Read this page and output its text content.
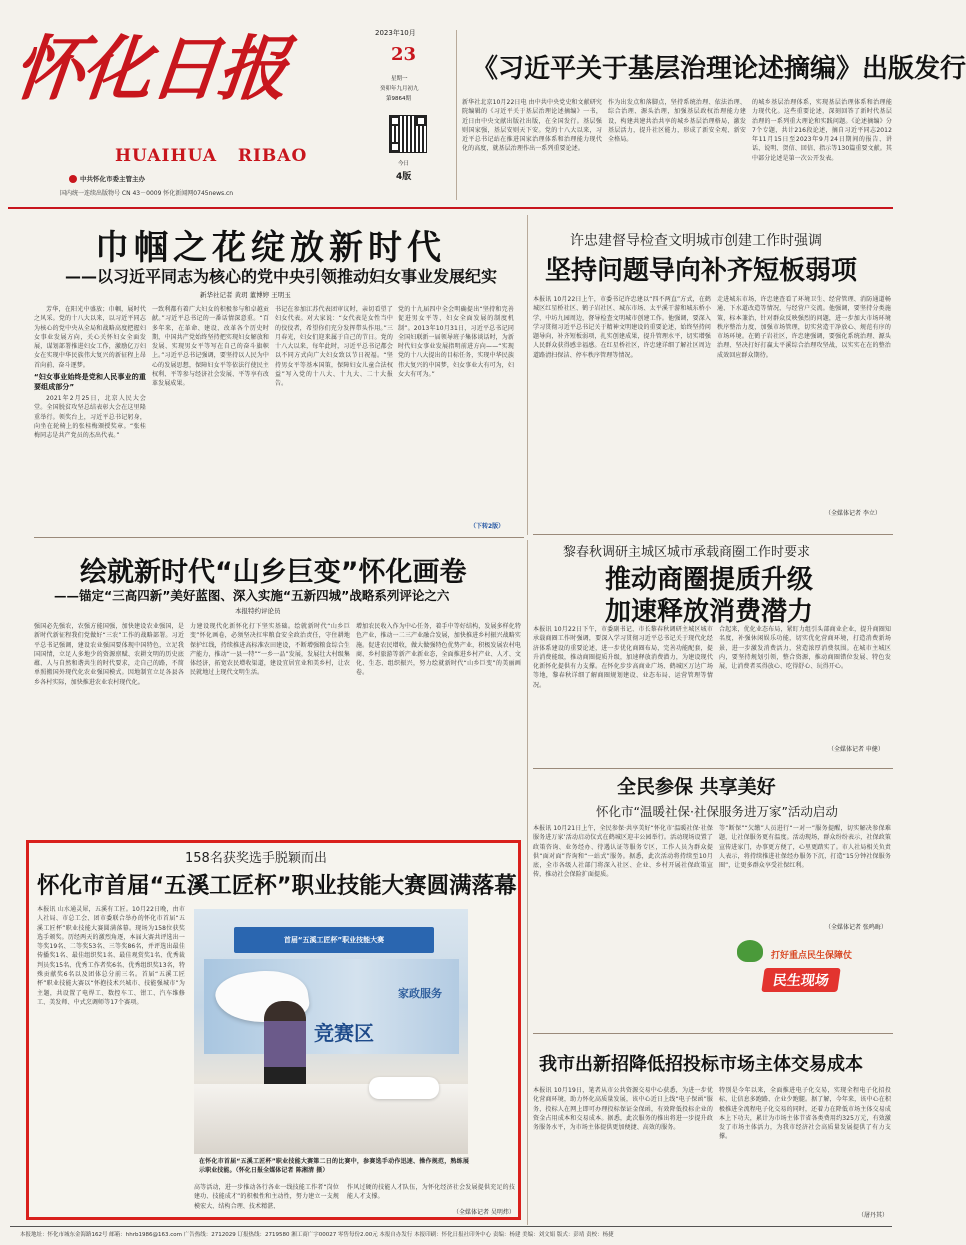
怀化日报
HUAIHUA   RIBAO
中共怀化市委主管主办
国内统一连续出版物号 CN 43－0009 怀化新闻网0745news.cn
2023年10月
23
星期一
癸卯年九月初九
第9864期
今日
4版
《习近平关于基层治理论述摘编》出版发行
新华社北京10月22日电 由中共中央党史和文献研究院编辑的《习近平关于基层治理论述摘编》一书，近日由中央文献出版社出版，在全国发行。基层强则国家强，基层安则天下安。党的十八大以来，习近平总书记站在推进国家治理体系和治理能力现代化的高度，就基层治理作出一系列重要论述。
作为出发点和落脚点，坚持系统治理、依法治理、综合治理、源头治理，加强基层政权治理能力建设，构建共建共治共享的城乡基层治理格局，激发基层活力，提升社区能力，形成了新安全观、新安全格局。
的城乡基层治理体系，实现基层治理体系和治理能力现代化。这些重要论述，深刻回答了新时代基层治理的一系列重大理论和实践问题。《论述摘编》分7个专题，共计216段论述，摘自习近平同志2012年11月15日至2023年9月24日期间的报告、讲话、说明、贺信、回信、指示等130篇重要文献。其中部分论述是第一次公开发表。
巾帼之花绽放新时代
——以习近平同志为核心的党中央引领推动妇女事业发展纪实
新华社记者 黄玥 董博婷 王明玉

芳华，在阳光中盛放；巾帼，展时代之风采。党的十八大以来，以习近平同志为核心的党中央从全局和战略高度把握妇女事业发展方向，关心关怀妇女全面发展，谋划部署推进妇女工作，激励亿万妇女在实现中华民族伟大复兴的新征程上昂首向前、奋斗逐梦。

“妇女事业始终是党和人民事业的重要组成部分”

2021年2月25日，北京人民大会堂。全国脱贫攻坚总结表彰大会在这里隆重举行。领奖台上，习近平总书记躬身，向坐在轮椅上的张桂梅颁授奖章。“张桂梅同志是共产党员的杰出代表。”

一致利都有着广大妇女的积极参与和卓越贡献。”习近平总书记的一番话情深意重。“百多年来，在革命、建设、改革各个历史时期，中国共产党始终坚持把实现妇女解放和发展、实现男女平等写在自己的奋斗旗帜上。”习近平总书记强调，要坚持以人民为中心的发展思想，保障妇女平等依法行使民主权利、平等参与经济社会发展、平等享有改革发展成果。
书记在参加江苏代表团审议时，亲切看望了妇女代表。对大家说：“女代表是女性当中的佼佼者，希望你们充分发挥带头作用。”三月春光，妇女们迎来属于自己的节日。党的十八大以来，每年此时，习近平总书记都会以不同方式向广大妇女致以节日祝福。“坚持男女平等基本国策，保障妇女儿童合法权益”写入党的十八大、十九大、二十大报告。
党的十九届四中全会明确提出“坚持和完善促进男女平等、妇女全面发展的制度机制”。2013年10月31日，习近平总书记同全国妇联新一届领导班子集体谈话时，为新时代妇女事业发展指明前进方向——“实现党的十八大提出的目标任务，实现中华民族伟大复兴的中国梦，妇女事业大有可为，妇女大有可为。”
（下转2版）
许忠建督导检查文明城市创建工作时强调
坚持问题导向补齐短板弱项
本报讯 10月22日上午，市委书记许忠建以“四不两直”方式，在鹤城区红星桥社区、鹤子岩社区、城东市场、太平溪干游和城东桥小学、中坊九园周边，督导检查文明城市创建工作。他强调，要深入学习贯彻习近平总书记关于精神文明建设的重要论述，始终坚持问题导向，补齐短板弱项，扎实创建成果，提升管理水平，切实增强人民群众获得感幸福感。在红星桥社区，许忠建详细了解社区周边道路清扫保洁、停车秩序管理等情况。
走进城东市场，许忠建查看了环境卫生、经营管理、消防通道畅通、下水道改造等情况，与经营户交流。他强调，要坚持分类施策，标本兼治，针对群众反映强烈的问题，进一步加大市场环境秩序整治力度，加强市场管理，切实营造干净放心、规范有序的市场环境。在鹤子岩社区，许忠建强调，要强化系统治理、源头治理、坚决打好打赢太平溪综合治理攻坚战，以实实在在的整治成效回应群众期待。
（全媒体记者 李立）
绘就新时代“山乡巨变”怀化画卷
——锚定“三高四新”美好蓝图、深入实施“五新四城”战略系列评论之六
本报特约评论员
强国必先强农，农强方能国强，加快建设农业强国，是新时代新征程我们党做好“三农”工作的战略部署。习近平总书记强调，建设农业强国要体现中国特色，立足我国国情，立足人多地少的资源禀赋、农耕文明的历史底蕴、人与自然和谐共生的时代要求，走自己的路，不简单照搬国外现代化农业强国模式。因地制宜立足各县各乡各村实际，加快推进农业农村现代化。
力建设现代化新怀化打下坚实基础。绘就新时代“山乡巨变”怀化画卷，必须坚决扛牢粮食安全政治责任，守住耕地保护红线，持续推进高标准农田建设，不断增强粮食综合生产能力，推动“一县一特”“一乡一品”发展，发展壮大村级集体经济，拓宽农民增收渠道，建设宜居宜业和美乡村，让农民就地过上现代文明生活。
增加农民收入作为中心任务，着手中等好结构，发展多样化特色产业，推动一二三产业融合发展，加快推进乡村振兴战略实施。促进农民增收，做大做强特色优势产业，积极发展农村电商、乡村旅游等新产业新业态，全面推进乡村产业、人才、文化、生态、组织振兴，努力绘就新时代“山乡巨变”的美丽画卷。
黎春秋调研主城区城市承载商圈工作时要求
推动商圈提质升级
加速释放消费潜力
本报讯 10月22日下午，市委副书记、市长黎春秋调研主城区城市承载商圈工作时强调，要深入学习贯彻习近平总书记关于现代化经济体系建设的重要论述，进一步优化商圈布局，完善功能配套，提升消费能级，推动商圈提质升级，加速释放消费潜力，为建设现代化新怀化提供有力支撑。在怀化步步高商业广场、鹤城区万达广场等地，黎春秋详细了解商圈规划建设、业态布局、运营管理等情况。
合起来，优化业态布局，紧盯力组引头部商业企业，提升商圈知名度，补强休闲娱乐功能，切实优化营商环境，打造消费新场景，进一步激发消费活力，营造浓厚消费氛围。在城市主城区内，要坚持规划引领，整合资源，推动商圈错位发展、特色发展，让消费者买得放心、吃得舒心、玩得开心。
（全媒体记者 申健）
全民参保 共享美好
怀化市“温暖社保·社保服务进万家”活动启动
本报讯 10月21日上午，全民参保·共享美好“怀化市‘温暖社保·社保服务进万家’活动启动仪式在鹤城区迎丰公园举行。活动现场设置了政策咨询、业务经办、待遇认证等服务专区，工作人员为群众提供“面对面”咨询和“一站式”服务。据悉，此次活动将持续至10月底，全市各级人社部门将深入社区、企业、乡村开展社保政策宣传，推动社会保险扩面提质。
等“断保”“欠缴”人员进行“一对一”服务提醒，切实解决参保难题，让社保服务更有温度。活动现场，群众纷纷表示，社保政策宣传进家门，办事更方便了，心里更踏实了。市人社局相关负责人表示，将持续推进社保经办服务下沉，打造“15分钟社保服务圈”，让更多群众享受社保红利。
（全媒体记者 张鸣晦）
打好重点民生保障仗
民生现场
158名获奖选手脱颖而出
怀化市首届“五溪工匠杯”职业技能大赛圆满落幕
本报讯 山水通灵犀，五溪有工匠。10月22日晚，由市人社局、市总工会、团市委联合举办的怀化市首届“五溪工匠杯”职业技能大赛圆满落幕。现场为158位获奖选手颁奖。历经两天的激烈角逐，本届大赛共评选出一等奖19名、二等奖53名、三等奖86名，并评选出最佳传播奖1名、最佳组织奖1名、最佳观赏奖1名、优秀裁判员奖15名、优秀工作者奖6名、优秀组织奖13名，特殊贡献奖6名以及团体总分前三名。首届“五溪工匠杯”职业技能大赛以“怀抱技术兴城市、技能强城市”为主题，共设置了电焊工、数控车工、钳工、汽车维修工、美发师、中式烹调师等17个赛项。
首届“五溪工匠杯”职业技能大赛
竞赛区
家政服务
在怀化市首届“五溪工匠杯”职业技能大赛第二日的比赛中，参赛选手动作迅速、操作规范，熟练展示职业技能。（怀化日报全媒体记者 陈湘清 摄）
高等活动，进一步推动各行各业一线技能工作者“岗位建功、技能成才”的积极性和主动性，努力建立一支规模宏大、结构合理、技术精湛、
作风过硬的技能人才队伍，为怀化经济社会发展提供充足的技能人才支撑。
（全媒体记者 吴明炜）
我市出新招降低招投标市场主体交易成本
本报讯 10月19日，笔者从市公共资源交易中心获悉，为进一步优化营商环境，助力怀化高质量发展，该中心近日上线“电子保函”服务，投标人在网上即可办理投标保证金保函，有效降低投标企业的资金占用成本和交易成本。据悉，此次服务的推出将进一步提升政务服务水平，为市场主体提供更加便捷、高效的服务。
特别是今年以来，全面推进电子化交易，实现全程电子化招投标，让信息多跑路、企业少跑腿。据了解，今年来，该中心在积极推进全流程电子化交易的同时，还着力在降低市场主体交易成本上下功夫，累计为市场主体节省各类费用约325万元，有效激发了市场主体活力，为我市经济社会高质量发展提供了有力支撑。
（屠丹其）
本报地址：怀化市城东金海路162号 邮箱：hhrb1986@163.com 广告热线：2712029 订报热线：2719580 湘工商广字00027 零售每份2.00元 本报自办发行 本报印刷：怀化日报社印务中心 责编：杨建 美编：刘文娟 版式：彭靖 责校：杨捷
